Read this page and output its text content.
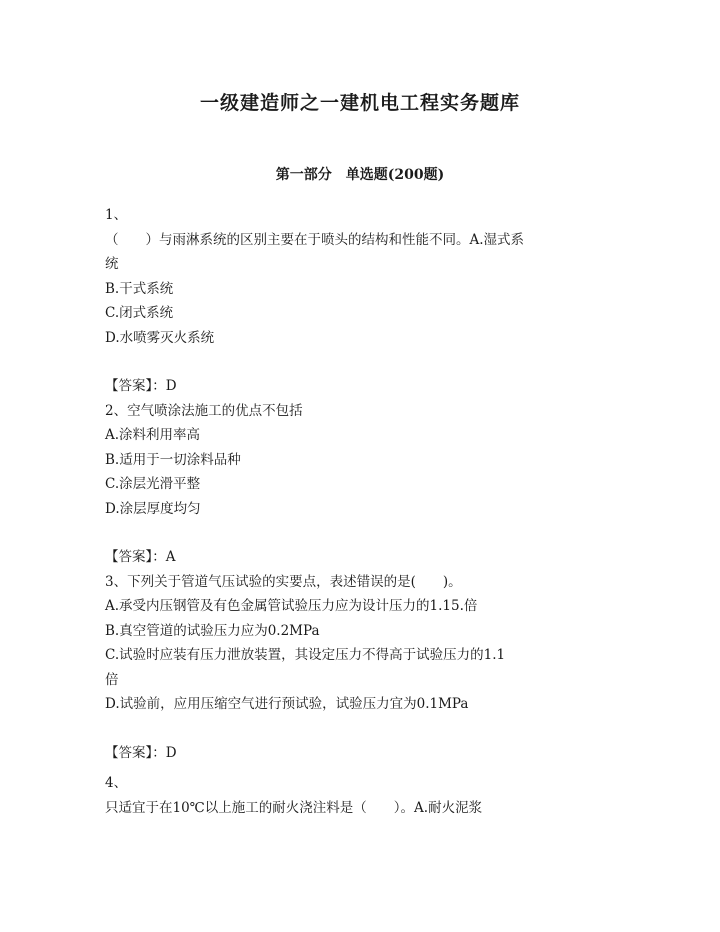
一级建造师之一建机电工程实务题库
第一部分　单选题(200题)
1、
（　　）与雨淋系统的区别主要在于喷头的结构和性能不同。A.湿式系
统
B.干式系统
C.闭式系统
D.水喷雾灭火系统
【答案】：D
2、空气喷涂法施工的优点不包括
A.涂料利用率高
B.适用于一切涂料品种
C.涂层光滑平整
D.涂层厚度均匀
【答案】：A
3、下列关于管道气压试验的实要点，表述错误的是(　　)。
A.承受内压钢管及有色金属管试验压力应为设计压力的1.15.倍
B.真空管道的试验压力应为0.2MPa
C.试验时应装有压力泄放装置，其设定压力不得高于试验压力的1.1
倍
D.试验前，应用压缩空气进行预试验，试验压力宜为0.1MPa
【答案】：D
4、
只适宜于在10℃以上施工的耐火浇注料是（　　）。A.耐火泥浆
